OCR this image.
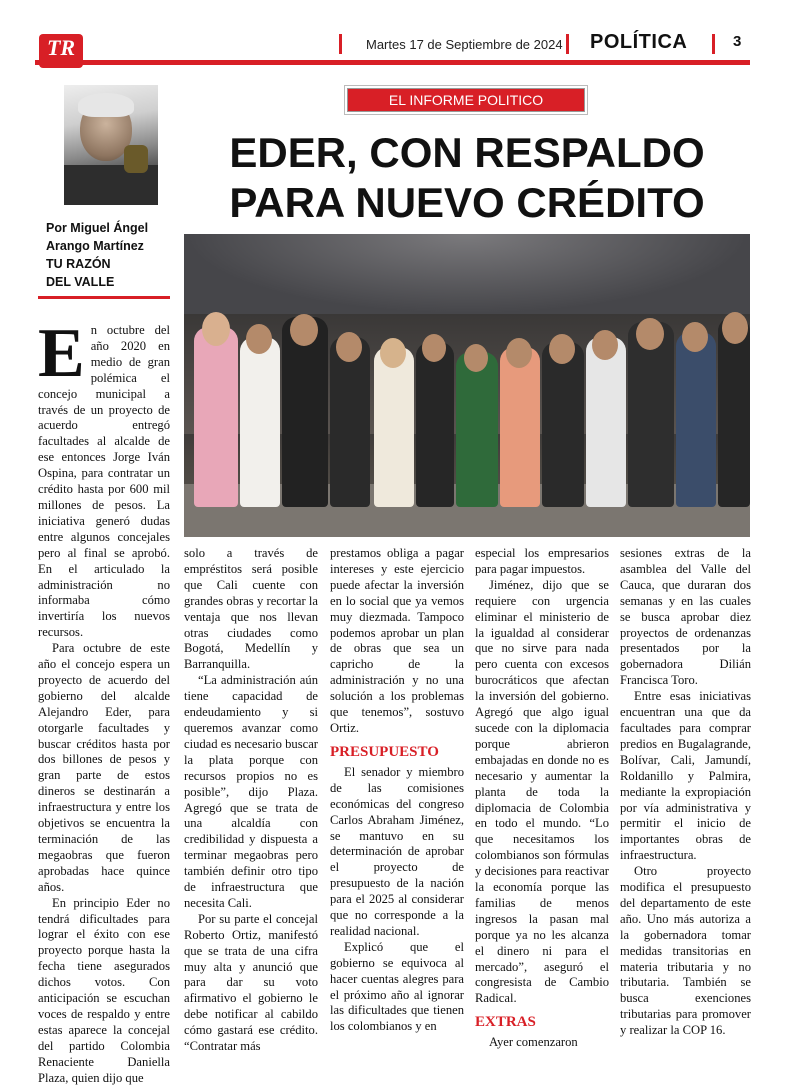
TR	Martes 17 de Septiembre de 2024 POLÍTICA	3
Por Miguel Ángel
Arango Martínez
TU RAZÓN
DEL VALLE
EL INFORME POLITICO
EDER, CON RESPALDO
PARA NUEVO CRÉDITO
E n octubre del año 2020 en medio de gran polémica el concejo municipal a través de un proyecto de acuerdo entregó facultades al alcalde de ese entonces Jorge Iván Ospina, para contratar un crédito hasta por 600 mil millones de pesos. La iniciativa generó dudas entre algunos concejales pero al final se aprobó. En el articulado la administración no informaba cómo invertiría los nuevos recursos.

Para octubre de este año el concejo espera un proyecto de acuerdo del gobierno del alcalde Alejandro Eder, para otorgarle facultades y buscar créditos hasta por dos billones de pesos y gran parte de estos dineros se destinarán a infraestructura y entre los objetivos se encuentra la terminación de las megaobras que fueron aprobadas hace quince años.

En principio Eder no tendrá dificultades para lograr el éxito con ese proyecto porque hasta la fecha tiene asegurados dichos votos. Con anticipación se escuchan voces de respaldo y entre estas aparece la concejal del partido Colombia Renaciente Daniella Plaza, quien dijo que

solo a través de empréstitos será posible que Cali cuente con grandes obras y recortar la ventaja que nos llevan otras ciudades como Bogotá, Medellín y Barranquilla.

“La administración aún tiene capacidad de endeudamiento y si queremos avanzar como ciudad es necesario buscar la plata porque con recursos propios no es posible”, dijo Plaza. Agregó que se trata de una alcaldía con credibilidad y dispuesta a terminar megaobras pero también definir otro tipo de infraestructura que necesita Cali.

Por su parte el concejal Roberto Ortiz, manifestó que se trata de una cifra muy alta y anunció que para dar su voto afirmativo el gobierno le debe notificar al cabildo cómo gastará ese crédito. “Contratar más

prestamos obliga a pagar intereses y este ejercicio puede afectar la inversión en lo social que ya vemos muy diezmada. Tampoco podemos aprobar un plan de obras que sea un capricho de la administración y no una solución a los problemas que tenemos”, sostuvo Ortiz.

PRESUPUESTO

El senador y miembro de las comisiones económicas del congreso Carlos Abraham Jiménez, se mantuvo en su determinación de aprobar el proyecto de presupuesto de la nación para el 2025 al considerar que no corresponde a la realidad nacional.

Explicó que el gobierno se equivoca al hacer cuentas alegres para el próximo año al ignorar las dificultades que tienen los colombianos y en

especial los empresarios para pagar impuestos.

Jiménez, dijo que se requiere con urgencia eliminar el ministerio de la igualdad al considerar que no sirve para nada pero cuenta con excesos burocráticos que afectan la inversión del gobierno. Agregó que algo igual sucede con la diplomacia porque abrieron embajadas en donde no es necesario y aumentar la planta de toda la diplomacia de Colombia en todo el mundo. “Lo que necesitamos los colombianos son fórmulas y decisiones para reactivar la economía porque las familias de menos ingresos la pasan mal porque ya no les alcanza el dinero ni para el mercado”, aseguró el congresista de Cambio Radical.

EXTRAS

Ayer comenzaron

sesiones extras de la asamblea del Valle del Cauca, que duraran dos semanas y en las cuales se busca aprobar diez proyectos de ordenanzas presentados por la gobernadora Dilián Francisca Toro.

Entre esas iniciativas encuentran una que da facultades para comprar predios en Bugalagrande, Bolívar, Cali, Jamundí, Roldanillo y Palmira, mediante la expropiación por vía administrativa y permitir el inicio de importantes obras de infraestructura.

Otro proyecto modifica el presupuesto del departamento de este año. Uno más autoriza a la gobernadora tomar medidas transitorias en materia tributaria y no tributaria. También se busca exenciones tributarias para promover y realizar la COP 16.
